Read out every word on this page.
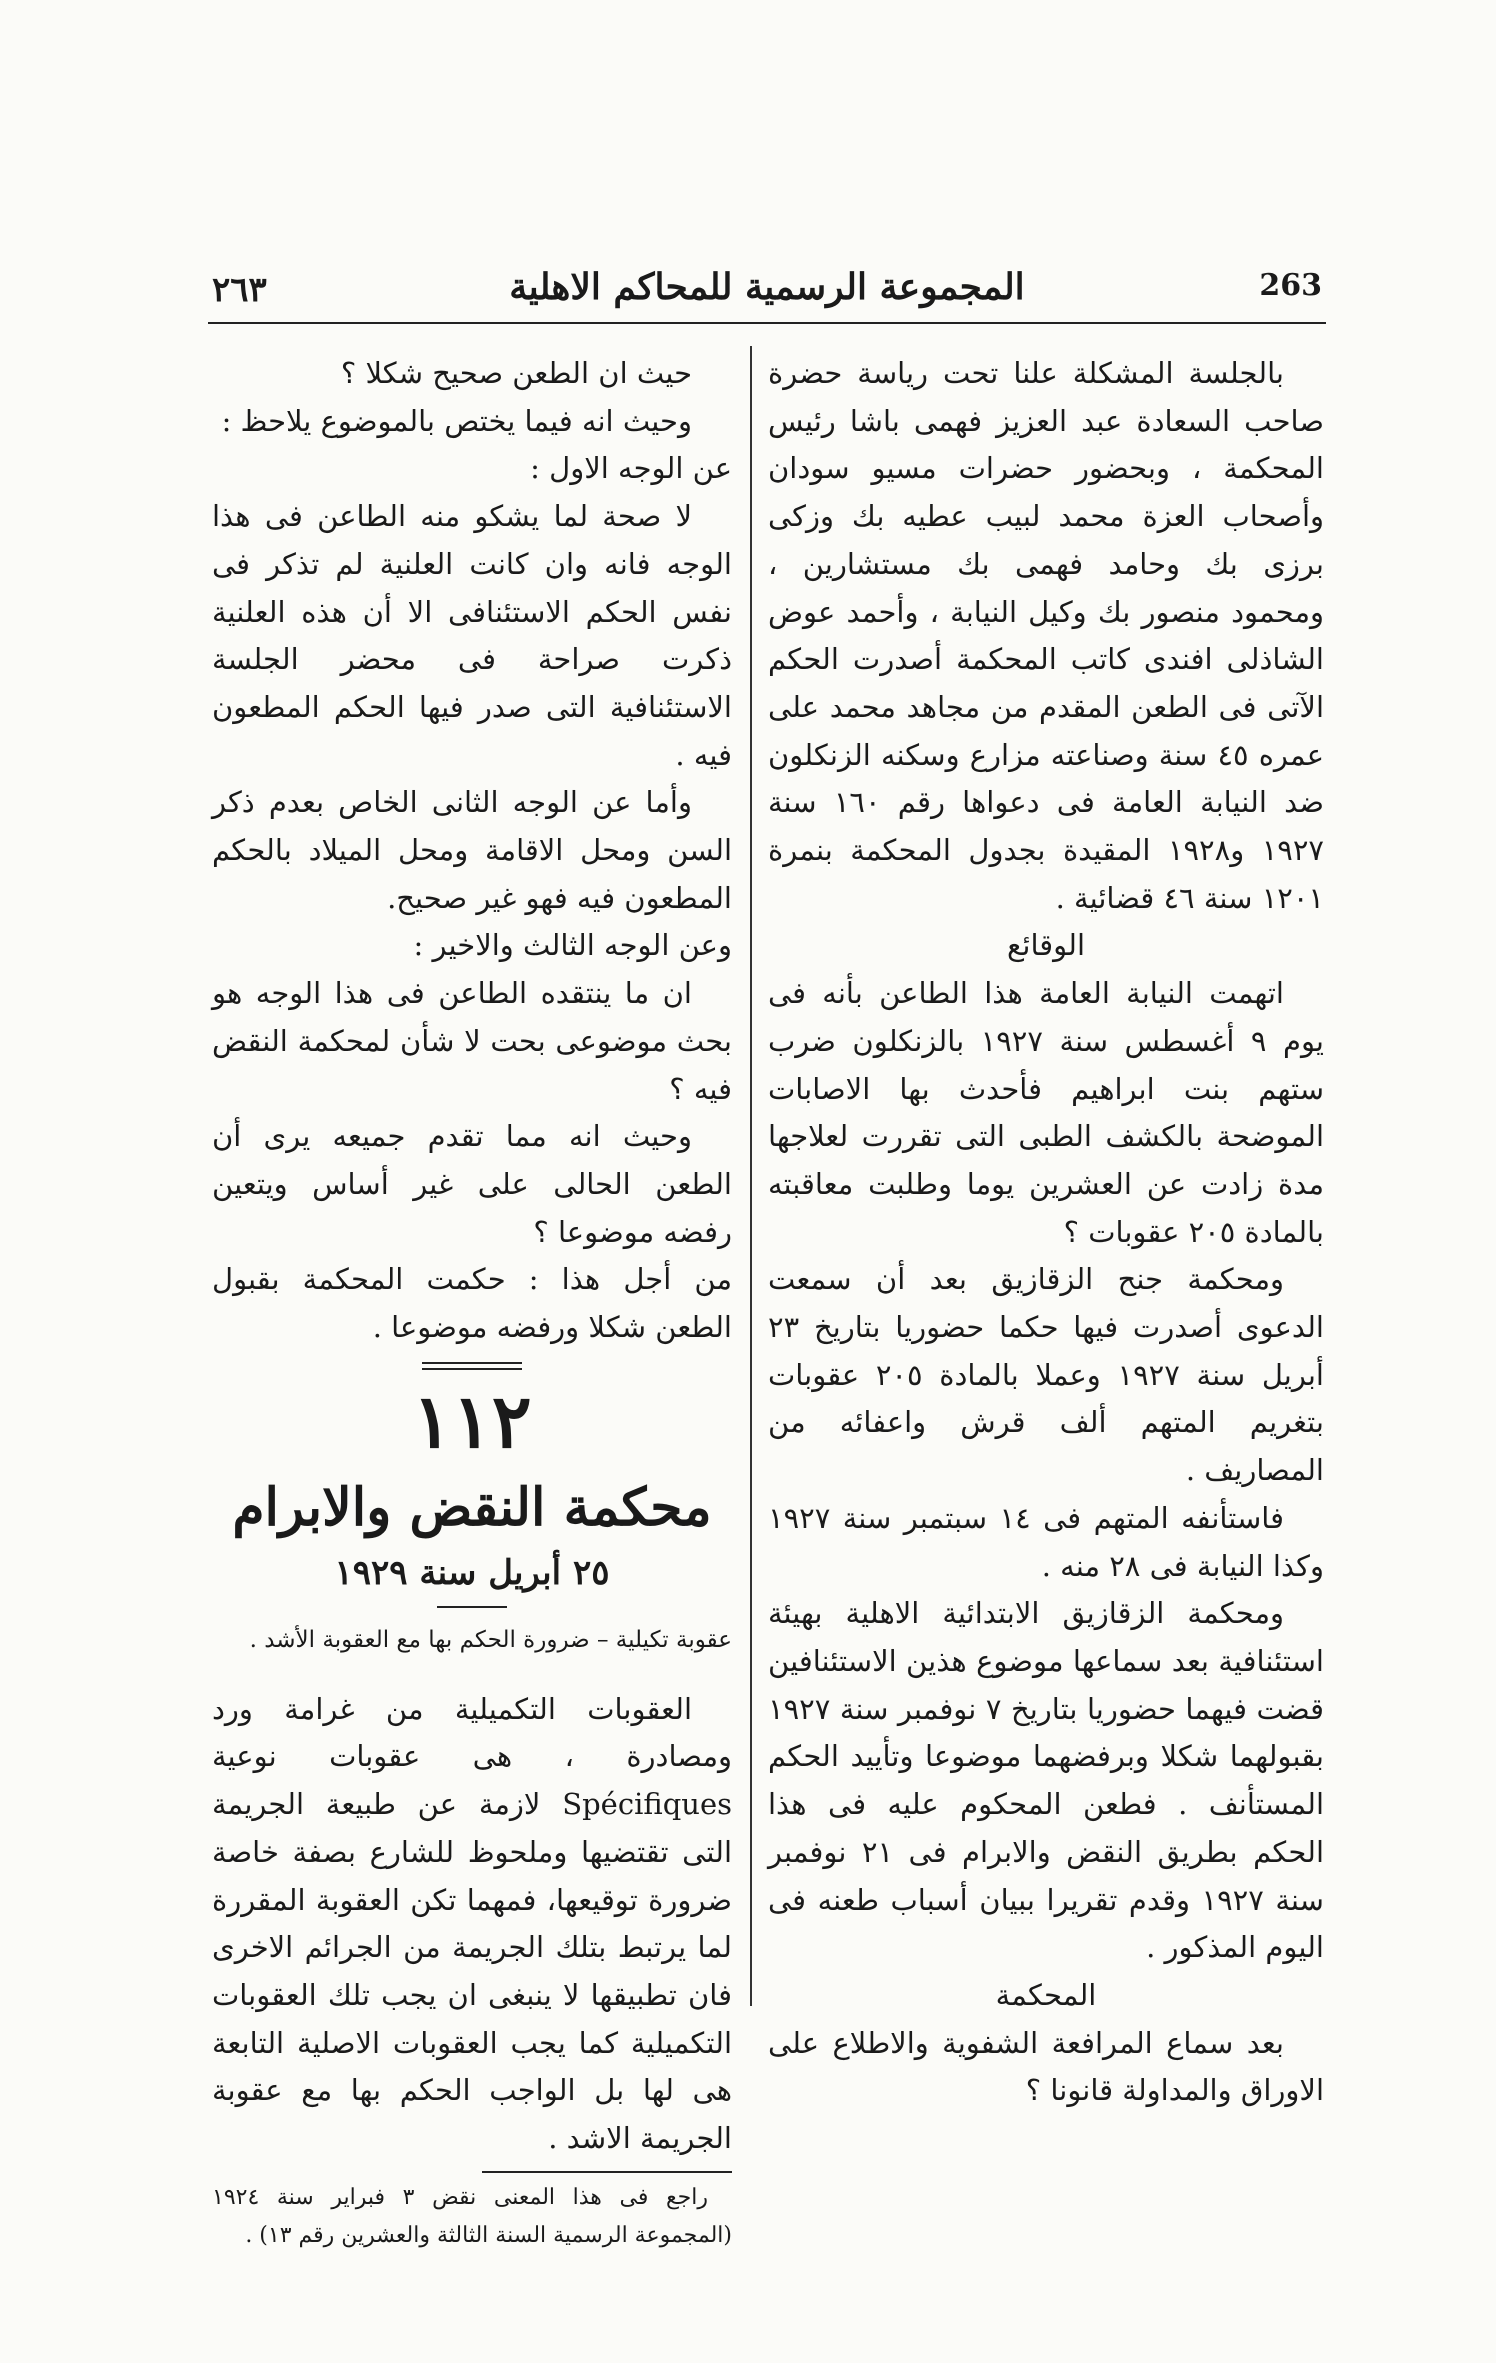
٢٦٣	المجموعة الرسمية للمحاكم الاهلية	263

بالجلسة المشكلة علنا تحت رياسة حضرة صاحب السعادة عبد العزيز فهمى باشا رئيس المحكمة ، وبحضور حضرات مسيو سودان وأصحاب العزة محمد لبيب عطيه بك وزكى برزى بك وحامد فهمى بك مستشارين ، ومحمود منصور بك وكيل النيابة ، وأحمد عوض الشاذلى افندى كاتب المحكمة أصدرت الحكم الآتى فى الطعن المقدم من مجاهد محمد على عمره ٤٥ سنة وصناعته مزارع وسكنه الزنكلون ضد النيابة العامة فى دعواها رقم ١٦٠ سنة ١٩٢٧ و١٩٢٨ المقيدة بجدول المحكمة بنمرة ١٢٠١ سنة ٤٦ قضائية .

الوقائع

اتهمت النيابة العامة هذا الطاعن بأنه فى يوم ٩ أغسطس سنة ١٩٢٧ بالزنكلون ضرب ستهم بنت ابراهيم فأحدث بها الاصابات الموضحة بالكشف الطبى التى تقررت لعلاجها مدة زادت عن العشرين يوما وطلبت معاقبته بالمادة ٢٠٥ عقوبات ؟

ومحكمة جنح الزقازيق بعد أن سمعت الدعوى أصدرت فيها حكما حضوريا بتاريخ ٢٣ أبريل سنة ١٩٢٧ وعملا بالمادة ٢٠٥ عقوبات بتغريم المتهم ألف قرش واعفائه من المصاريف .

فاستأنفه المتهم فى ١٤ سبتمبر سنة ١٩٢٧ وكذا النيابة فى ٢٨ منه .

ومحكمة الزقازيق الابتدائية الاهلية بهيئة استئنافية بعد سماعها موضوع هذين الاستئنافين قضت فيهما حضوريا بتاريخ ٧ نوفمبر سنة ١٩٢٧ بقبولهما شكلا وبرفضهما موضوعا وتأييد الحكم المستأنف . فطعن المحكوم عليه فى هذا الحكم بطريق النقض والابرام فى ٢١ نوفمبر سنة ١٩٢٧ وقدم تقريرا ببيان أسباب طعنه فى اليوم المذكور .

المحكمة

بعد سماع المرافعة الشفوية والاطلاع على الاوراق والمداولة قانونا ؟

حيث ان الطعن صحيح شكلا ؟

وحيث انه فيما يختص بالموضوع يلاحظ :

عن الوجه الاول :

لا صحة لما يشكو منه الطاعن فى هذا الوجه فانه وان كانت العلنية لم تذكر فى نفس الحكم الاستئنافى الا أن هذه العلنية ذكرت صراحة فى محضر الجلسة الاستئنافية التى صدر فيها الحكم المطعون فيه .

وأما عن الوجه الثانى الخاص بعدم ذكر السن ومحل الاقامة ومحل الميلاد بالحكم المطعون فيه فهو غير صحيح.

وعن الوجه الثالث والاخير :

ان ما ينتقده الطاعن فى هذا الوجه هو بحث موضوعى بحت لا شأن لمحكمة النقض فيه ؟

وحيث انه مما تقدم جميعه يرى أن الطعن الحالى على غير أساس ويتعين رفضه موضوعا ؟

من أجل هذا : حكمت المحكمة بقبول الطعن شكلا ورفضه موضوعا .

١١٢

محكمة النقض والابرام

٢٥ أبريل سنة ١٩٢٩

عقوبة تكيلية – ضرورة الحكم بها مع العقوبة الأشد .

العقوبات التكميلية من غرامة ورد ومصادرة ، هى عقوبات نوعية Spécifiques لازمة عن طبيعة الجريمة التى تقتضيها وملحوظ للشارع بصفة خاصة ضرورة توقيعها، فمهما تكن العقوبة المقررة لما يرتبط بتلك الجريمة من الجرائم الاخرى فان تطبيقها لا ينبغى ان يجب تلك العقوبات التكميلية كما يجب العقوبات الاصلية التابعة هى لها بل الواجب الحكم بها مع عقوبة الجريمة الاشد .

راجع فى هذا المعنى نقض ٣ فبراير سنة ١٩٢٤ (المجموعة الرسمية السنة الثالثة والعشرين رقم ١٣) .
